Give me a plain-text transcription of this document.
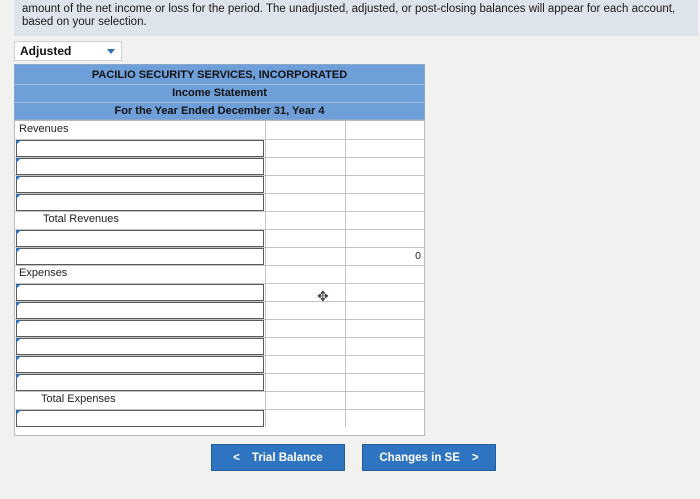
amount of the net income or loss for the period. The unadjusted, adjusted, or post-closing balances will appear for each account, based on your selection.
Adjusted
PACILIO SECURITY SERVICES, INCORPORATED
Income Statement
For the Year Ended December 31, Year 4
Revenues
Total Revenues
0
Expenses
Total Expenses
✥
< Trial Balance	Changes in SE >
